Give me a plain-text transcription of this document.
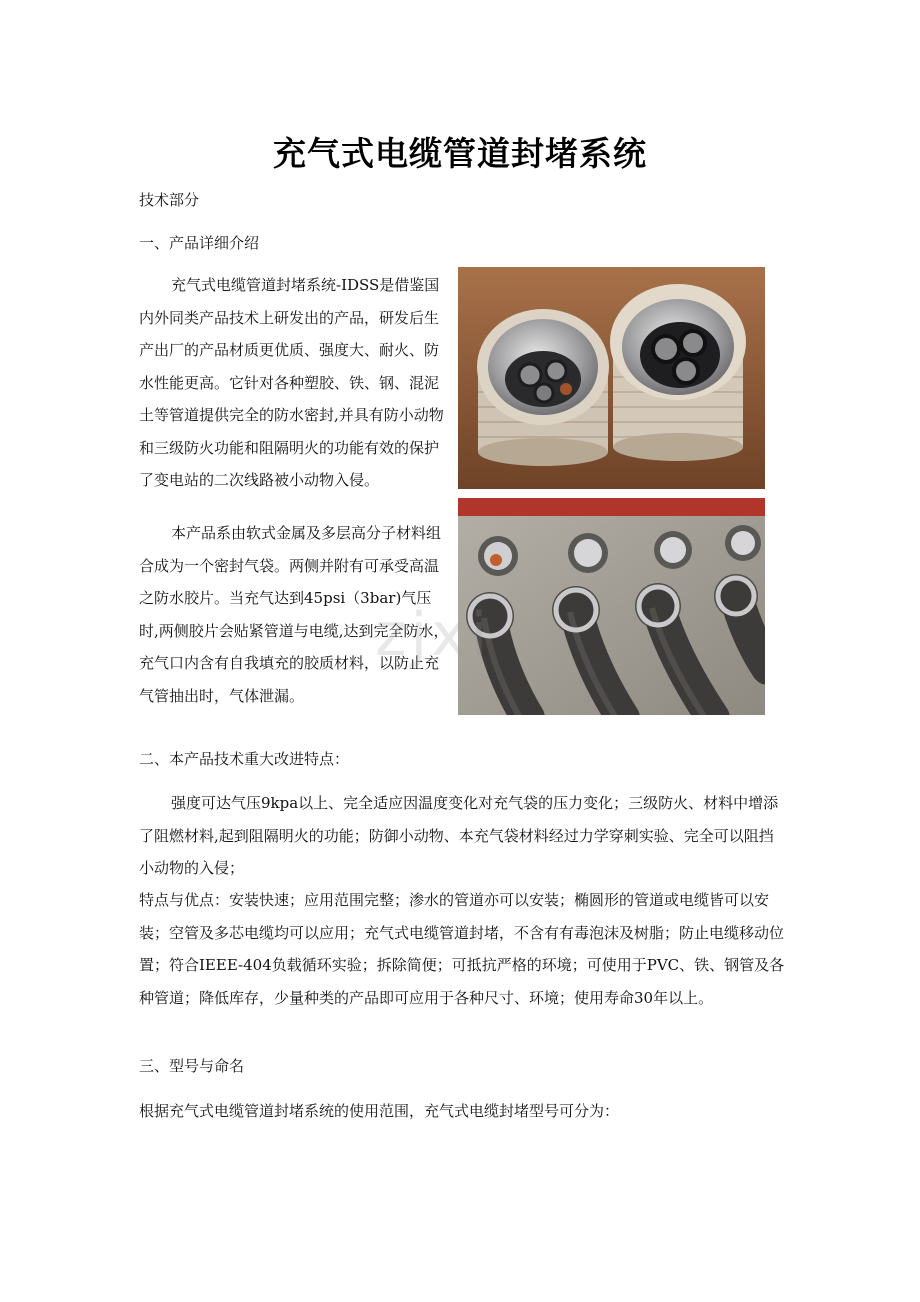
充气式电缆管道封堵系统
技术部分
一、产品详细介绍
充气式电缆管道封堵系统-IDSS是借鉴国内外同类产品技术上研发出的产品，研发后生产出厂的产品材质更优质、强度大、耐火、防水性能更高。它针对各种塑胶、铁、钢、混泥土等管道提供完全的防水密封,并具有防小动物和三级防火功能和阻隔明火的功能有效的保护了变电站的二次线路被小动物入侵。
本产品系由软式金属及多层高分子材料组合成为一个密封气袋。两侧并附有可承受高温之防水胶片。当充气达到45psi（3bar)气压时,两侧胶片会贴紧管道与电缆,达到完全防水，充气口内含有自我填充的胶质材料，以防止充气管抽出时，气体泄漏。
zjxi
二、本产品技术重大改进特点：
强度可达气压9kpa以上、完全适应因温度变化对充气袋的压力变化；三级防火、材料中增添了阻燃材料,起到阻隔明火的功能；防御小动物、本充气袋材料经过力学穿刺实验、完全可以阻挡小动物的入侵；
特点与优点：安装快速；应用范围完整；渗水的管道亦可以安装；椭圆形的管道或电缆皆可以安装；空管及多芯电缆均可以应用；充气式电缆管道封堵，不含有有毒泡沫及树脂；防止电缆移动位置；符合IEEE-404负载循环实验；拆除简便；可抵抗严格的环境；可使用于PVC、铁、钢管及各种管道；降低库存，少量种类的产品即可应用于各种尺寸、环境；使用寿命30年以上。
三、型号与命名
根据充气式电缆管道封堵系统的使用范围，充气式电缆封堵型号可分为：
